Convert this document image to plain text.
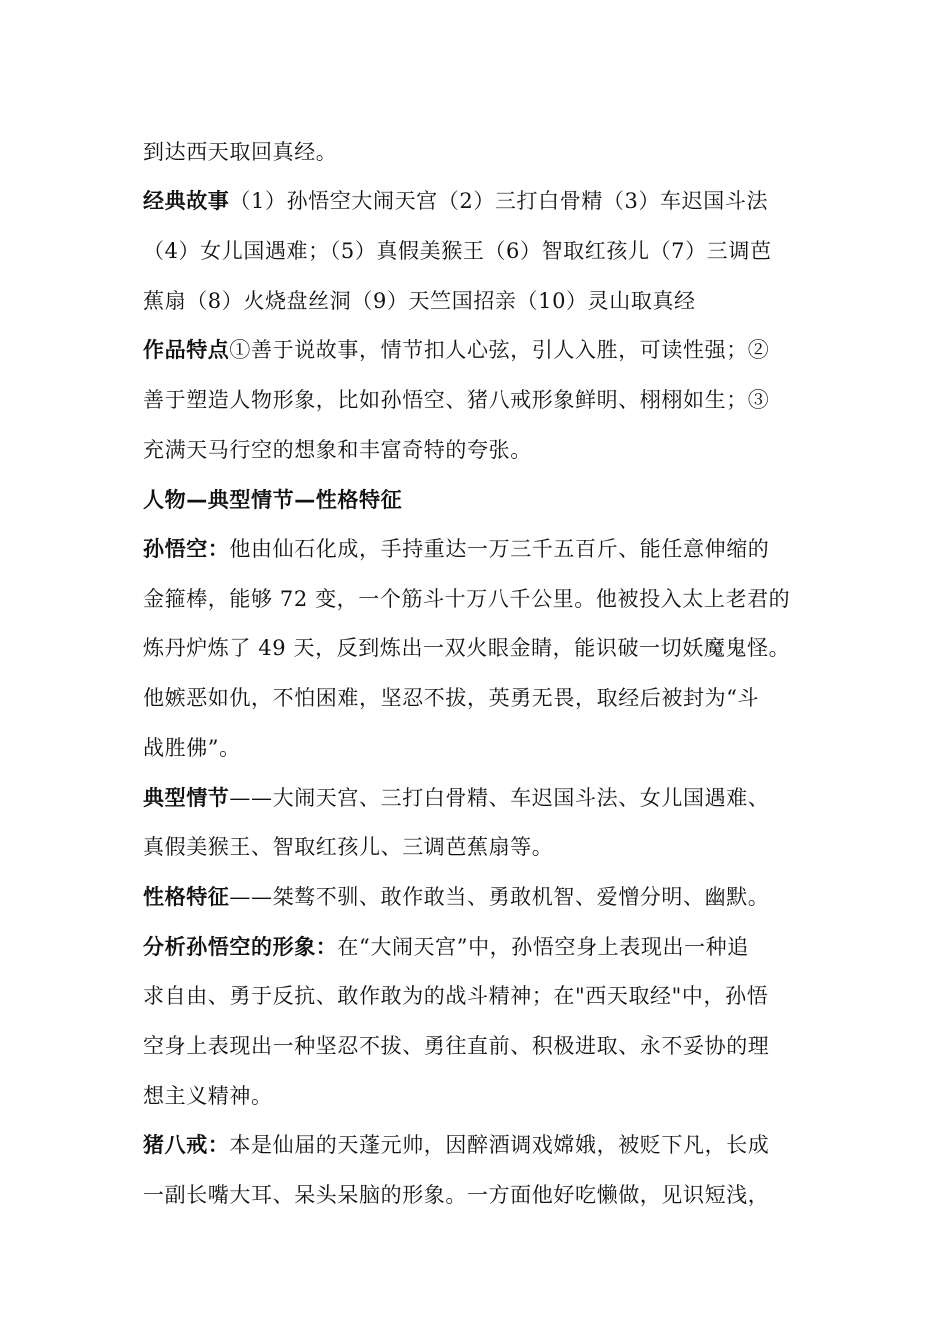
到达西天取回真经。
经典故事（1）孙悟空大闹天宫（2）三打白骨精（3）车迟国斗法
（4）女儿国遇难；（5）真假美猴王（6）智取红孩儿（7）三调芭
蕉扇（8）火烧盘丝洞（9）天竺国招亲（10）灵山取真经
作品特点①善于说故事，情节扣人心弦，引人入胜，可读性强；②
善于塑造人物形象，比如孙悟空、猪八戒形象鲜明、栩栩如生；③
充满天马行空的想象和丰富奇特的夸张。
人物—典型情节—性格特征
孙悟空：他由仙石化成，手持重达一万三千五百斤、能任意伸缩的
金箍棒，能够 72 变，一个筋斗十万八千公里。他被投入太上老君的
炼丹炉炼了 49 天，反到炼出一双火眼金睛，能识破一切妖魔鬼怪。
他嫉恶如仇，不怕困难，坚忍不拔，英勇无畏，取经后被封为“斗
战胜佛”。
典型情节——大闹天宫、三打白骨精、车迟国斗法、女儿国遇难、
真假美猴王、智取红孩儿、三调芭蕉扇等。
性格特征——桀骜不驯、敢作敢当、勇敢机智、爱憎分明、幽默。
分析孙悟空的形象：在“大闹天宫”中，孙悟空身上表现出一种追
求自由、勇于反抗、敢作敢为的战斗精神；在"西天取经"中，孙悟
空身上表现出一种坚忍不拔、勇往直前、积极进取、永不妥协的理
想主义精神。
猪八戒：本是仙届的天蓬元帅，因醉酒调戏嫦娥，被贬下凡，长成
一副长嘴大耳、呆头呆脑的形象。一方面他好吃懒做，见识短浅，
